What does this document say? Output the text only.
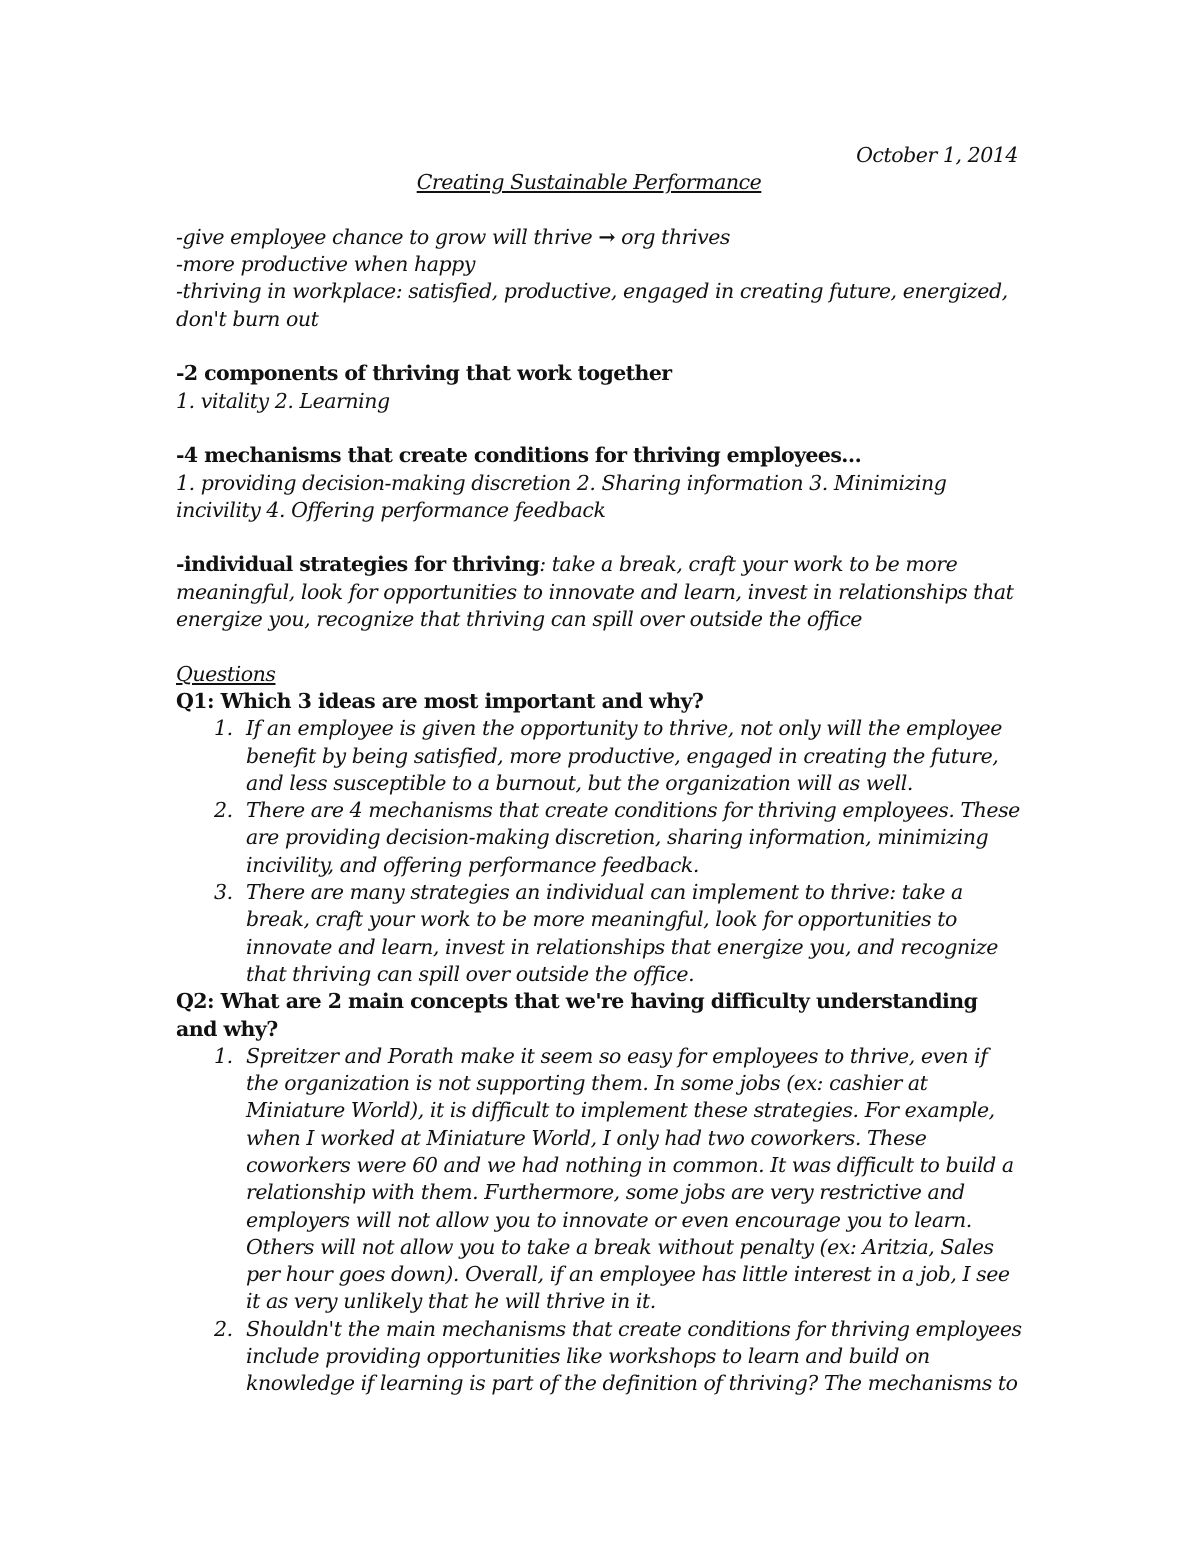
October 1, 2014
Creating Sustainable Performance
-give employee chance to grow will thrive → org thrives
-more productive when happy
-thriving in workplace: satisfied, productive, engaged in creating future, energized, don't burn out
-2 components of thriving that work together
1. vitality 2. Learning
-4 mechanisms that create conditions for thriving employees…
1. providing decision-making discretion 2. Sharing information 3. Minimizing incivility 4. Offering performance feedback
-individual strategies for thriving: take a break, craft your work to be more meaningful, look for opportunities to innovate and learn, invest in relationships that energize you, recognize that thriving can spill over outside the office
Questions
Q1: Which 3 ideas are most important and why?
1. If an employee is given the opportunity to thrive, not only will the employee benefit by being satisfied, more productive, engaged in creating the future, and less susceptible to a burnout, but the organization will as well.
2. There are 4 mechanisms that create conditions for thriving employees. These are providing decision-making discretion, sharing information, minimizing incivility, and offering performance feedback.
3. There are many strategies an individual can implement to thrive: take a break, craft your work to be more meaningful, look for opportunities to innovate and learn, invest in relationships that energize you, and recognize that thriving can spill over outside the office.
Q2: What are 2 main concepts that we're having difficulty understanding and why?
1. Spreitzer and Porath make it seem so easy for employees to thrive, even if the organization is not supporting them. In some jobs (ex: cashier at Miniature World), it is difficult to implement these strategies. For example, when I worked at Miniature World, I only had two coworkers. These coworkers were 60 and we had nothing in common. It was difficult to build a relationship with them. Furthermore, some jobs are very restrictive and employers will not allow you to innovate or even encourage you to learn. Others will not allow you to take a break without penalty (ex: Aritzia, Sales per hour goes down). Overall, if an employee has little interest in a job, I see it as very unlikely that he will thrive in it.
2. Shouldn't the main mechanisms that create conditions for thriving employees include providing opportunities like workshops to learn and build on knowledge if learning is part of the definition of thriving? The mechanisms to
